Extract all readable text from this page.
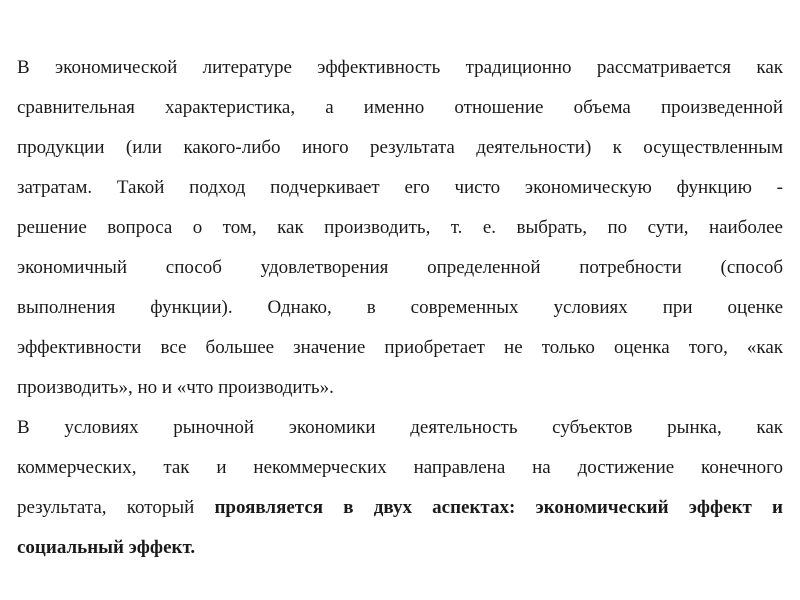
В экономической литературе эффективность традиционно рассматривается как
сравнительная характеристика, а именно отношение объема произведенной
продукции (или какого-либо иного результата деятельности) к осуществленным
затратам. Такой подход подчеркивает его чисто экономическую функцию -
решение вопроса о том, как производить, т. е. выбрать, по сути, наиболее
экономичный способ удовлетворения определенной потребности (способ
выполнения функции). Однако, в современных условиях при оценке
эффективности все большее значение приобретает не только оценка того, «как
производить», но и «что производить».
В условиях рыночной экономики деятельность субъектов рынка, как
коммерческих, так и некоммерческих направлена на достижение конечного
результата, который проявляется в двух аспектах: экономический эффект и
социальный эффект.
